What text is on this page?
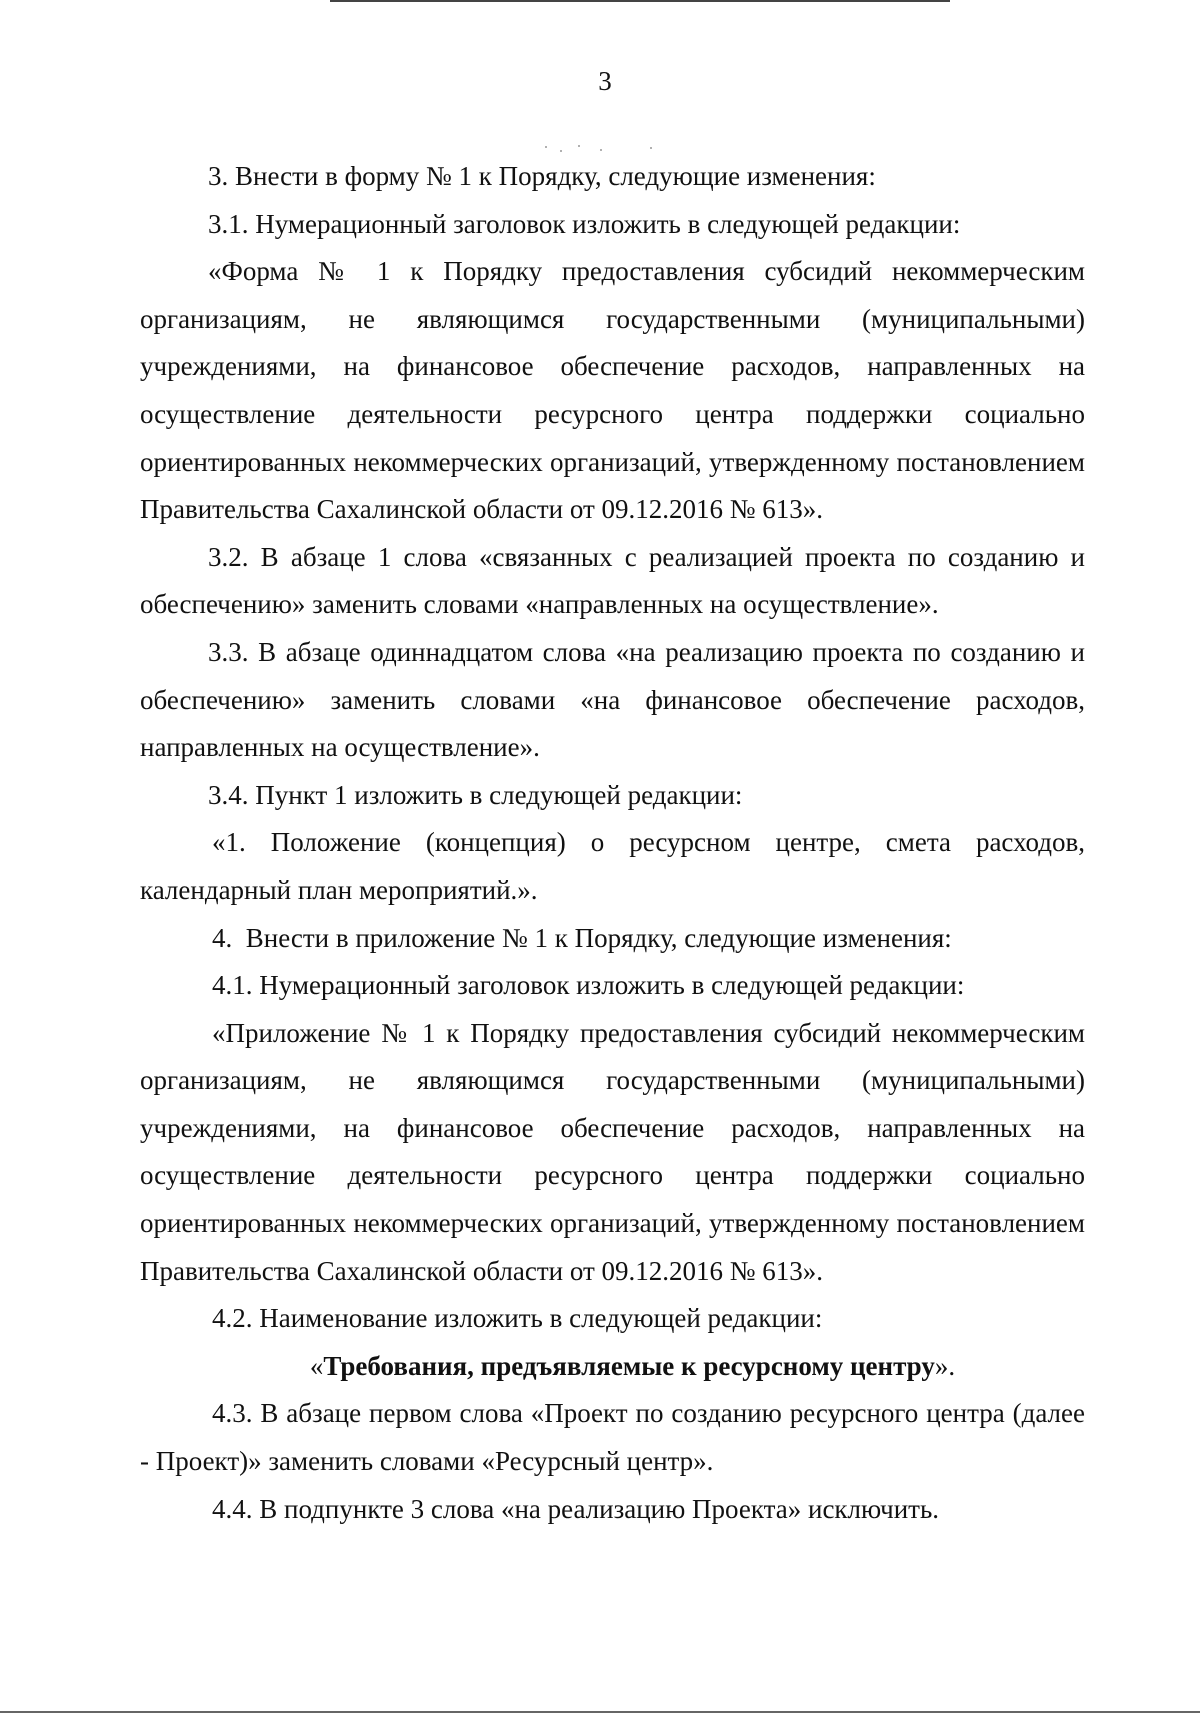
3

3. Внести в форму № 1 к Порядку, следующие изменения:

3.1. Нумерационный заголовок изложить в следующей редакции:

«Форма № 1 к Порядку предоставления субсидий некоммерческим организациям, не являющимся государственными (муниципальными) учреждениями, на финансовое обеспечение расходов, направленных на осуществление деятельности ресурсного центра поддержки социально ориентированных некоммерческих организаций, утвержденному постановлением Правительства Сахалинской области от 09.12.2016 № 613».

3.2. В абзаце 1 слова «связанных с реализацией проекта по созданию и обеспечению» заменить словами «направленных на осуществление».

3.3. В абзаце одиннадцатом слова «на реализацию проекта по созданию и обеспечению» заменить словами «на финансовое обеспечение расходов, направленных на осуществление».

3.4. Пункт 1 изложить в следующей редакции:

«1. Положение (концепция) о ресурсном центре, смета расходов, календарный план мероприятий.».

4.  Внести в приложение № 1 к Порядку, следующие изменения:

4.1. Нумерационный заголовок изложить в следующей редакции:

«Приложение № 1 к Порядку предоставления субсидий некоммерческим организациям, не являющимся государственными (муниципальными) учреждениями, на финансовое обеспечение расходов, направленных на осуществление деятельности ресурсного центра поддержки социально ориентированных некоммерческих организаций, утвержденному постановлением Правительства Сахалинской области от 09.12.2016 № 613».

4.2. Наименование изложить в следующей редакции:

«Требования, предъявляемые к ресурсному центру».

4.3. В абзаце первом слова «Проект по созданию ресурсного центра (далее - Проект)» заменить словами «Ресурсный центр».

4.4. В подпункте 3 слова «на реализацию Проекта» исключить.
